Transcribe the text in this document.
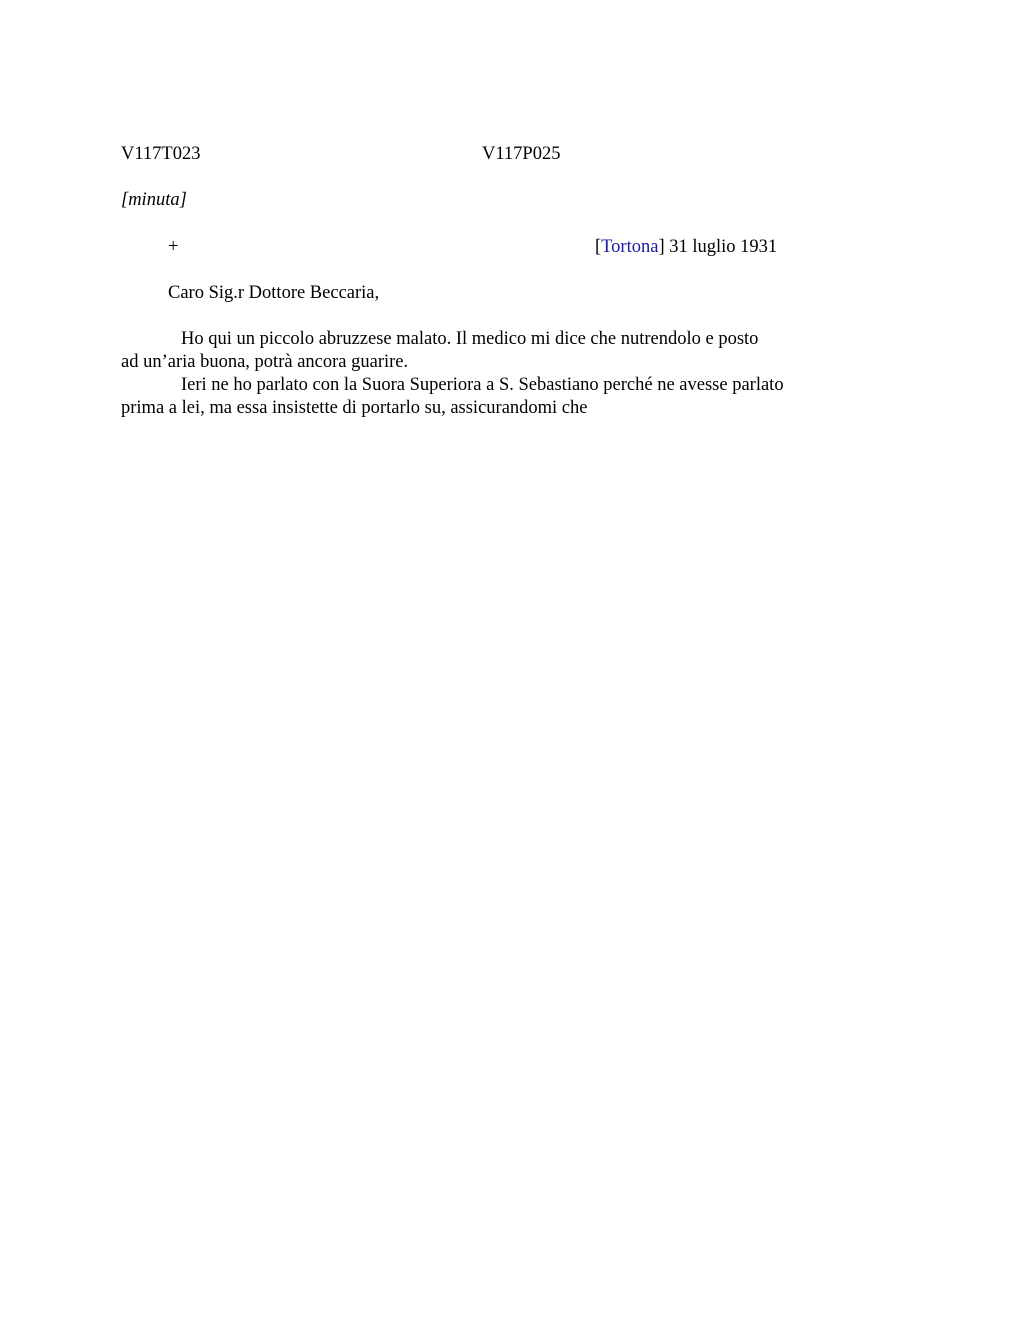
V117T023	V117P025
[minuta]
+	[Tortona] 31 luglio 1931
Caro Sig.r Dottore Beccaria,
Ho qui un piccolo abruzzese malato. Il medico mi dice che nutrendolo e posto
ad un’aria buona, potrà ancora guarire.
Ieri ne ho parlato con la Suora Superiora a S. Sebastiano perché ne avesse parlato
prima a lei, ma essa insistette di portarlo su, assicurandomi che
